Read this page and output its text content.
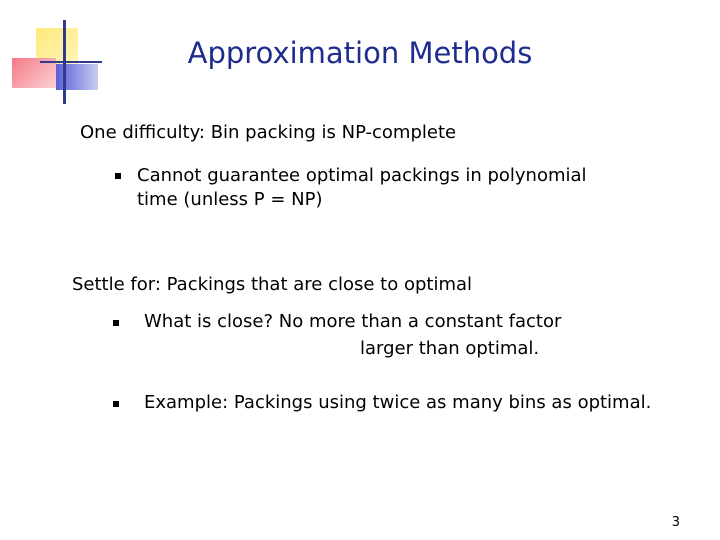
Approximation Methods
One difficulty: Bin packing is NP-complete
Cannot guarantee optimal packings in polynomial
time (unless P = NP)
Settle for: Packings that are close to optimal
What is close? No more than a constant factor
larger than optimal.
Example: Packings using twice as many bins as optimal.
3
